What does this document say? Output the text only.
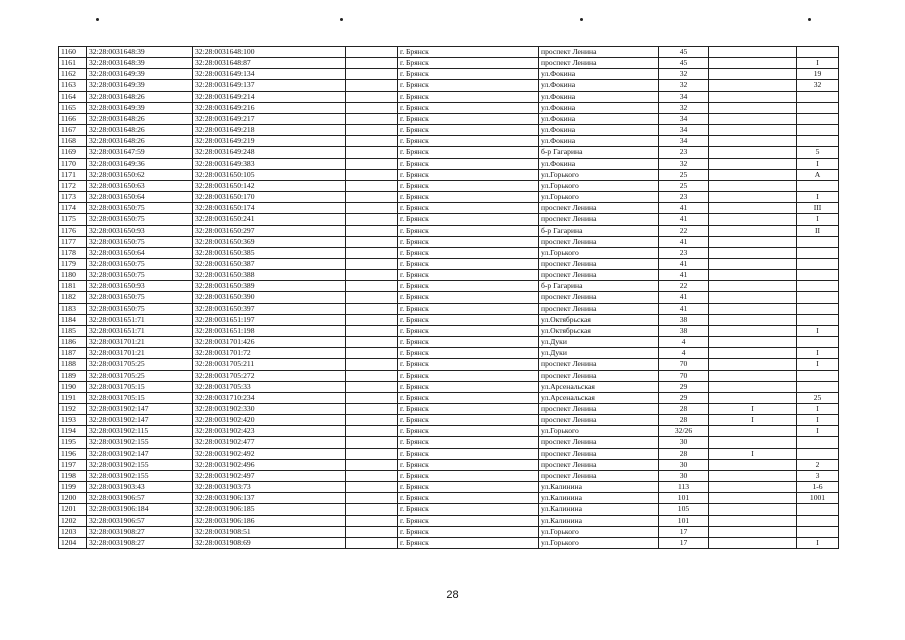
1160	32:28:0031648:39	32:28:0031648:100		г. Брянск	проспект Ленина	45		
1161	32:28:0031648:39	32:28:0031648:87		г. Брянск	проспект Ленина	45		I
1162	32:28:0031649:39	32:28:0031649:134		г. Брянск	ул.Фокина	32		19
1163	32:28:0031649:39	32:28:0031649:137		г. Брянск	ул.Фокина	32		32
1164	32:28:0031648:26	32:28:0031649:214		г. Брянск	ул.Фокина	34		
1165	32:28:0031649:39	32:28:0031649:216		г. Брянск	ул.Фокина	32		
1166	32:28:0031648:26	32:28:0031649:217		г. Брянск	ул.Фокина	34		
1167	32:28:0031648:26	32:28:0031649:218		г. Брянск	ул.Фокина	34		
1168	32:28:0031648:26	32:28:0031649:219		г. Брянск	ул.Фокина	34		
1169	32:28:0031647:59	32:28:0031649:248		г. Брянск	б-р Гагарина	23		5
1170	32:28:0031649:36	32:28:0031649:383		г. Брянск	ул.Фокина	32		I
1171	32:28:0031650:62	32:28:0031650:105		г. Брянск	ул.Горького	25		А
1172	32:28:0031650:63	32:28:0031650:142		г. Брянск	ул.Горького	25		
1173	32:28:0031650:64	32:28:0031650:170		г. Брянск	ул.Горького	23		I
1174	32:28:0031650:75	32:28:0031650:174		г. Брянск	проспект Ленина	41		III
1175	32:28:0031650:75	32:28:0031650:241		г. Брянск	проспект Ленина	41		I
1176	32:28:0031650:93	32:28:0031650:297		г. Брянск	б-р Гагарина	22		II
1177	32:28:0031650:75	32:28:0031650:369		г. Брянск	проспект Ленина	41		
1178	32:28:0031650:64	32:28:0031650:385		г. Брянск	ул.Горького	23		
1179	32:28:0031650:75	32:28:0031650:387		г. Брянск	проспект Ленина	41		
1180	32:28:0031650:75	32:28:0031650:388		г. Брянск	проспект Ленина	41		
1181	32:28:0031650:93	32:28:0031650:389		г. Брянск	б-р Гагарина	22		
1182	32:28:0031650:75	32:28:0031650:390		г. Брянск	проспект Ленина	41		
1183	32:28:0031650:75	32:28:0031650:397		г. Брянск	проспект Ленина	41		
1184	32:28:0031651:71	32:28:0031651:197		г. Брянск	ул.Октябрьская	38		
1185	32:28:0031651:71	32:28:0031651:198		г. Брянск	ул.Октябрьская	38		I
1186	32:28:0031701:21	32:28:0031701:426		г. Брянск	ул.Дуки	4		
1187	32:28:0031701:21	32:28:0031701:72		г. Брянск	ул.Дуки	4		I
1188	32:28:0031705:25	32:28:0031705:211		г. Брянск	проспект Ленина	70		I
1189	32:28:0031705:25	32:28:0031705:272		г. Брянск	проспект Ленина	70		
1190	32:28:0031705:15	32:28:0031705:33		г. Брянск	ул.Арсенальская	29		
1191	32:28:0031705:15	32:28:0031710:234		г. Брянск	ул.Арсенальская	29		25
1192	32:28:0031902:147	32:28:0031902:330		г. Брянск	проспект Ленина	28	I	I
1193	32:28:0031902:147	32:28:0031902:420		г. Брянск	проспект Ленина	28	I	I
1194	32:28:0031902:115	32:28:0031902:423		г. Брянск	ул.Горького	32/26		I
1195	32:28:0031902:155	32:28:0031902:477		г. Брянск	проспект Ленина	30		
1196	32:28:0031902:147	32:28:0031902:492		г. Брянск	проспект Ленина	28	I	
1197	32:28:0031902:155	32:28:0031902:496		г. Брянск	проспект Ленина	30		2
1198	32:28:0031902:155	32:28:0031902:497		г. Брянск	проспект Ленина	30		3
1199	32:28:0031903:43	32:28:0031903:73		г. Брянск	ул.Калинина	113		1-6
1200	32:28:0031906:57	32:28:0031906:137		г. Брянск	ул.Калинина	101		1001
1201	32:28:0031906:184	32:28:0031906:185		г. Брянск	ул.Калинина	105		
1202	32:28:0031906:57	32:28:0031906:186		г. Брянск	ул.Калинина	101		
1203	32:28:0031908:27	32:28:0031908:51		г. Брянск	ул.Горького	17		
1204	32:28:0031908:27	32:28:0031908:69		г. Брянск	ул.Горького	17		I
28
